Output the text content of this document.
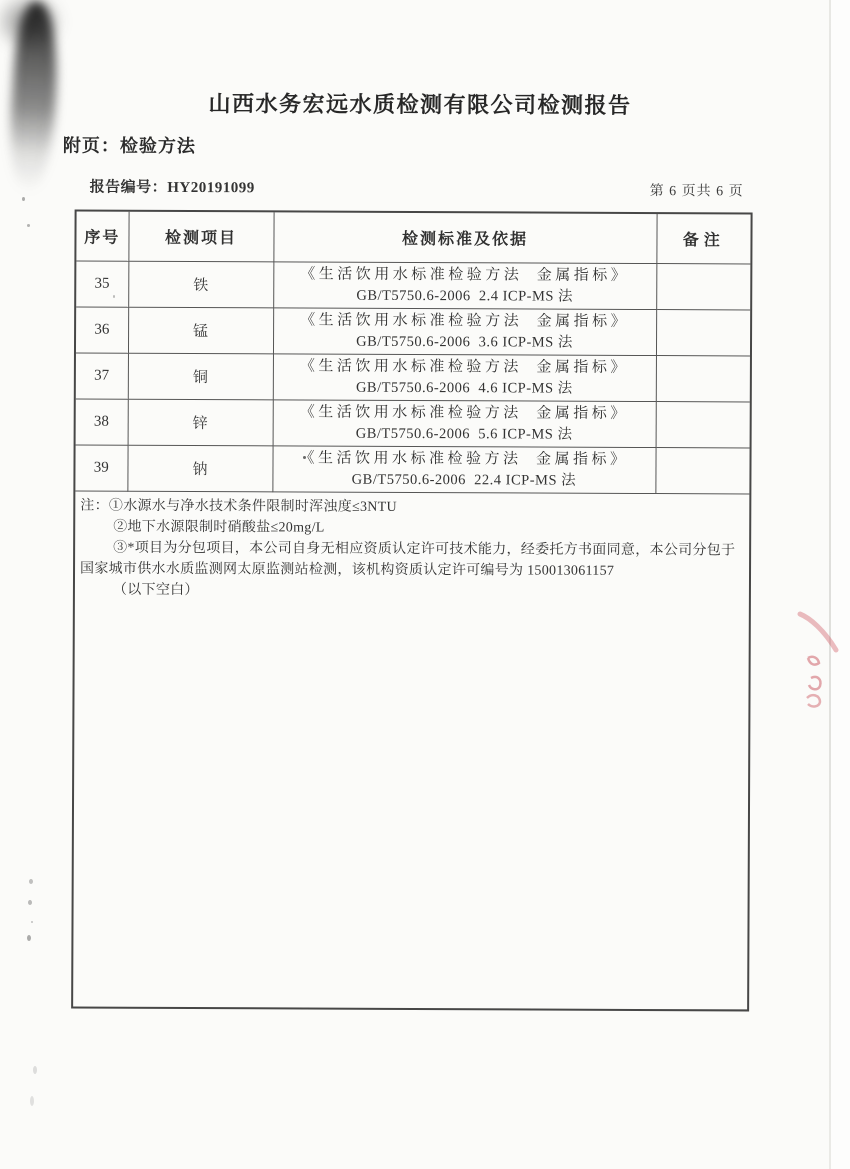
山西水务宏远水质检测有限公司检测报告
附页：检验方法
报告编号：HY20191099	第 6 页共 6 页
序号	检测项目	检测标准及依据	备注
35	铁	《生活饮用水标准检验方法  金属指标》
GB/T5750.6-2006  2.4 ICP-MS 法	

36	锰	《生活饮用水标准检验方法  金属指标》
GB/T5750.6-2006  3.6 ICP-MS 法	

37	铜	《生活饮用水标准检验方法  金属指标》
GB/T5750.6-2006  4.6 ICP-MS 法	

38	锌	《生活饮用水标准检验方法  金属指标》
GB/T5750.6-2006  5.6 ICP-MS 法	

39	钠	《生活饮用水标准检验方法  金属指标》
GB/T5750.6-2006  22.4 ICP-MS 法	

注：①水源水与净水技术条件限制时浑浊度≤3NTU
②地下水源限制时硝酸盐≤20mg/L
③*项目为分包项目，本公司自身无相应资质认定许可技术能力，经委托方书面同意，本公司分包于
国家城市供水水质监测网太原监测站检测，该机构资质认定许可编号为 150013061157
（以下空白）
